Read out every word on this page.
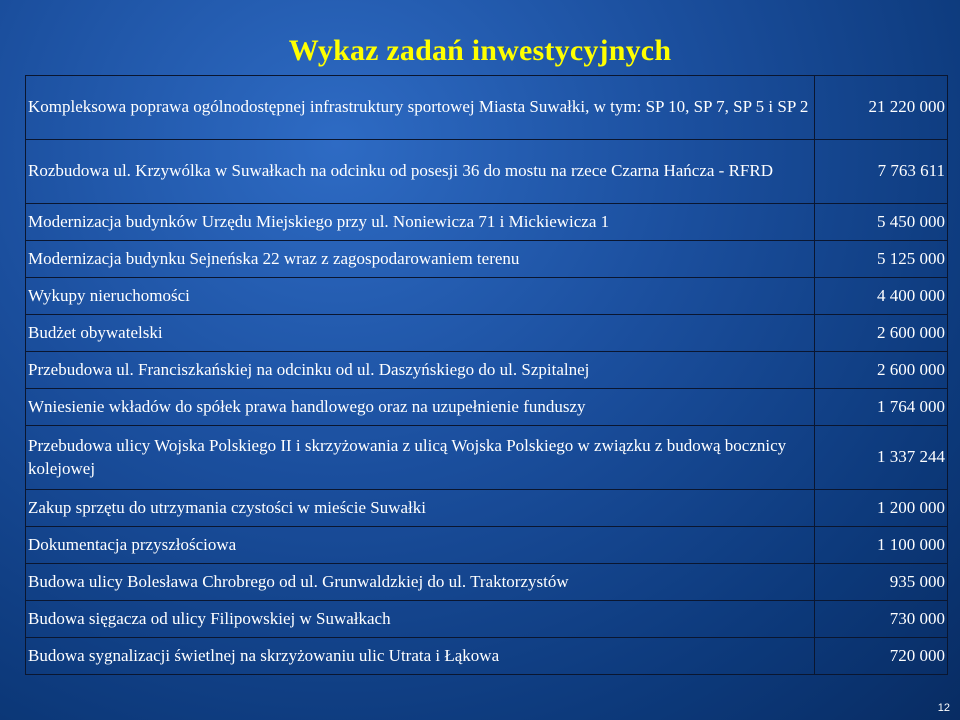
Wykaz zadań inwestycyjnych
Kompleksowa poprawa ogólnodostępnej infrastruktury sportowej Miasta Suwałki, w tym: SP 10, SP 7, SP 5 i SP 2	21 220 000
Rozbudowa ul. Krzywólka w Suwałkach na odcinku od posesji 36 do mostu na rzece Czarna Hańcza - RFRD	7 763 611
Modernizacja budynków Urzędu Miejskiego przy ul. Noniewicza 71 i Mickiewicza 1	5 450 000
Modernizacja budynku Sejneńska 22 wraz z zagospodarowaniem terenu	5 125 000
Wykupy nieruchomości	4 400 000
Budżet obywatelski	2 600 000
Przebudowa ul. Franciszkańskiej na odcinku od ul. Daszyńskiego do ul. Szpitalnej	2 600 000
Wniesienie wkładów do spółek prawa handlowego oraz na uzupełnienie funduszy	1 764 000
Przebudowa ulicy Wojska Polskiego II i skrzyżowania z ulicą Wojska Polskiego w związku z budową bocznicy kolejowej	1 337 244
Zakup sprzętu do utrzymania czystości w mieście Suwałki	1 200 000
Dokumentacja przyszłościowa	1 100 000
Budowa ulicy Bolesława Chrobrego od ul. Grunwaldzkiej do ul. Traktorzystów	935 000
Budowa sięgacza od ulicy Filipowskiej w Suwałkach	730 000
Budowa sygnalizacji świetlnej na skrzyżowaniu ulic Utrata i Łąkowa	720 000
12
